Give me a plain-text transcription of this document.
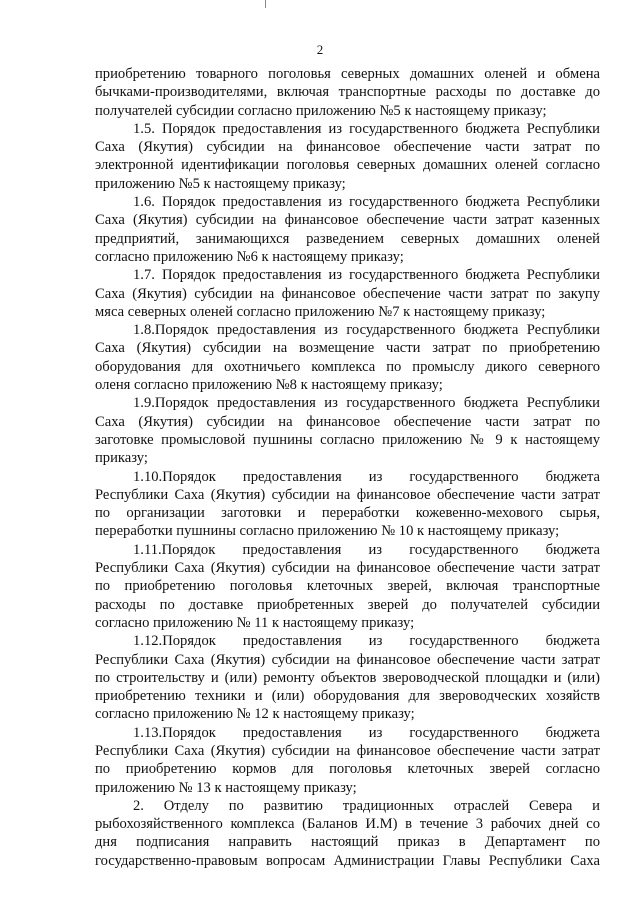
2
приобретению товарного поголовья северных домашних оленей и обмена
бычками-производителями, включая транспортные расходы по доставке до
получателей субсидии согласно приложению №5 к настоящему приказу;
1.5. Порядок предоставления из государственного бюджета Республики
Саха (Якутия) субсидии на финансовое обеспечение части затрат по
электронной идентификации поголовья северных домашних оленей согласно
приложению №5 к настоящему приказу;
1.6. Порядок предоставления из государственного бюджета Республики
Саха (Якутия) субсидии на финансовое обеспечение части затрат казенных
предприятий, занимающихся разведением северных домашних оленей
согласно приложению №6 к настоящему приказу;
1.7. Порядок предоставления из государственного бюджета Республики
Саха (Якутия) субсидии на финансовое обеспечение части затрат по закупу
мяса северных оленей согласно приложению №7 к настоящему приказу;
1.8.Порядок предоставления из государственного бюджета Республики
Саха (Якутия) субсидии на возмещение части затрат по приобретению
оборудования для охотничьего комплекса по промыслу дикого северного
оленя согласно приложению №8 к настоящему приказу;
1.9.Порядок предоставления из государственного бюджета Республики
Саха (Якутия) субсидии на финансовое обеспечение части затрат по
заготовке промысловой пушнины согласно приложению № 9 к настоящему
приказу;
1.10.Порядок предоставления из государственного бюджета
Республики Саха (Якутия) субсидии на финансовое обеспечение части затрат
по организации заготовки и переработки кожевенно-мехового сырья,
переработки пушнины согласно приложению № 10 к настоящему приказу;
1.11.Порядок предоставления из государственного бюджета
Республики Саха (Якутия) субсидии на финансовое обеспечение части затрат
по приобретению поголовья клеточных зверей, включая транспортные
расходы по доставке приобретенных зверей до получателей субсидии
согласно приложению № 11 к настоящему приказу;
1.12.Порядок предоставления из государственного бюджета
Республики Саха (Якутия) субсидии на финансовое обеспечение части затрат
по строительству и (или) ремонту объектов звероводческой площадки и (или)
приобретению техники и (или) оборудования для звероводческих хозяйств
согласно приложению № 12 к настоящему приказу;
1.13.Порядок предоставления из государственного бюджета
Республики Саха (Якутия) субсидии на финансовое обеспечение части затрат
по приобретению кормов для поголовья клеточных зверей согласно
приложению № 13 к настоящему приказу;
2. Отделу по развитию традиционных отраслей Севера и
рыбохозяйственного комплекса (Баланов И.М) в течение 3 рабочих дней со
дня подписания направить настоящий приказ в Департамент по
государственно-правовым вопросам Администрации Главы Республики Саха
